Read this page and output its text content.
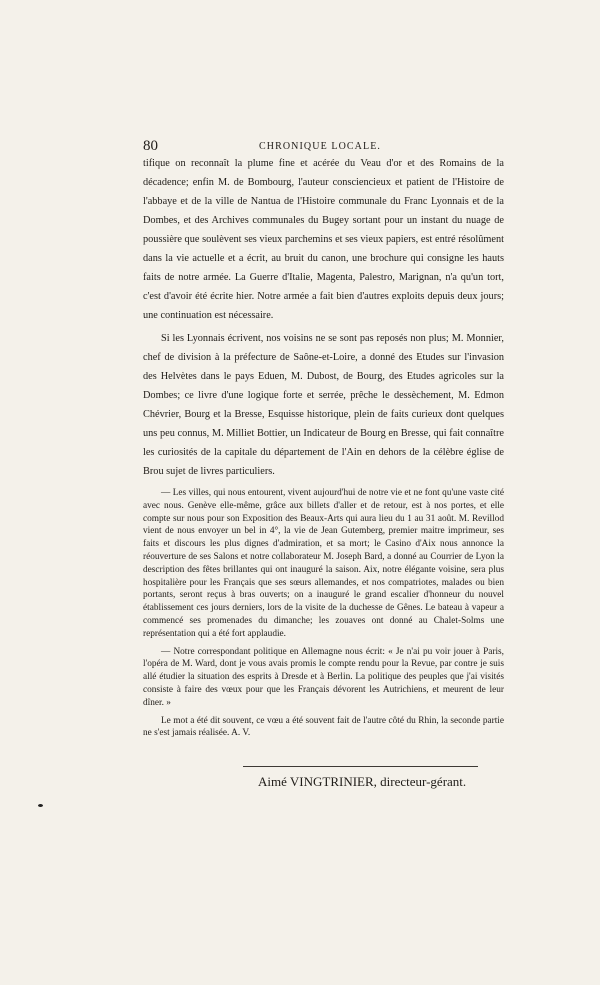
80	CHRONIQUE LOCALE.

tifique on reconnaît la plume fine et acérée du Veau d'or et des Romains de la décadence; enfin M. de Bombourg, l'auteur consciencieux et patient de l'Histoire de l'abbaye et de la ville de Nantua de l'Histoire communale du Franc Lyonnais et de la Dombes, et des Archives communales du Bugey sortant pour un instant du nuage de poussière que soulèvent ses vieux parchemins et ses vieux papiers, est entré résolûment dans la vie actuelle et a écrit, au bruit du canon, une brochure qui consigne les hauts faits de notre armée. La Guerre d'Italie, Magenta, Palestro, Marignan, n'a qu'un tort, c'est d'avoir été écrite hier. Notre armée a fait bien d'autres exploits depuis deux jours; une continuation est nécessaire.

Si les Lyonnais écrivent, nos voisins ne se sont pas reposés non plus; M. Monnier, chef de division à la préfecture de Saône-et-Loire, a donné des Etudes sur l'invasion des Helvètes dans le pays Eduen, M. Dubost, de Bourg, des Etudes agricoles sur la Dombes; ce livre d'une logique forte et serrée, prêche le dessèchement, M. Edmon Chévrier, Bourg et la Bresse, Esquisse historique, plein de faits curieux dont quelques uns peu connus, M. Milliet Bottier, un Indicateur de Bourg en Bresse, qui fait connaître les curiosités de la capitale du département de l'Ain en dehors de la célèbre église de Brou sujet de livres particuliers.

— Les villes, qui nous entourent, vivent aujourd'hui de notre vie et ne font qu'une vaste cité avec nous. Genève elle-même, grâce aux billets d'aller et de retour, est à nos portes, et elle compte sur nous pour son Exposition des Beaux-Arts qui aura lieu du 1 au 31 août. M. Revillod vient de nous envoyer un bel in 4°, la vie de Jean Gutemberg, premier maitre imprimeur, ses faits et discours les plus dignes d'admiration, et sa mort; le Casino d'Aix nous annonce la réouverture de ses Salons et notre collaborateur M. Joseph Bard, a donné au Courrier de Lyon la description des fêtes brillantes qui ont inauguré la saison. Aix, notre élégante voisine, sera plus hospitalière pour les Français que ses sœurs allemandes, et nos compatriotes, malades ou bien portants, seront reçus à bras ouverts; on a inauguré le grand escalier d'honneur du nouvel établissement ces jours derniers, lors de la visite de la duchesse de Gênes. Le bateau à vapeur a commencé ses promenades du dimanche; les zouaves ont donné au Chalet-Solms une représentation qui a été fort applaudie.

— Notre correspondant politique en Allemagne nous écrit: « Je n'ai pu voir jouer à Paris, l'opéra de M. Ward, dont je vous avais promis le compte rendu pour la Revue, par contre je suis allé étudier la situation des esprits à Dresde et à Berlin. La politique des peuples que j'ai visités consiste à faire des vœux pour que les Français dévorent les Autrichiens, et meurent de leur dîner. »

Le mot a été dit souvent, ce vœu a été souvent fait de l'autre côté du Rhin, la seconde partie ne s'est jamais réalisée. A. V.

Aimé VINGTRINIER, directeur-gérant.
